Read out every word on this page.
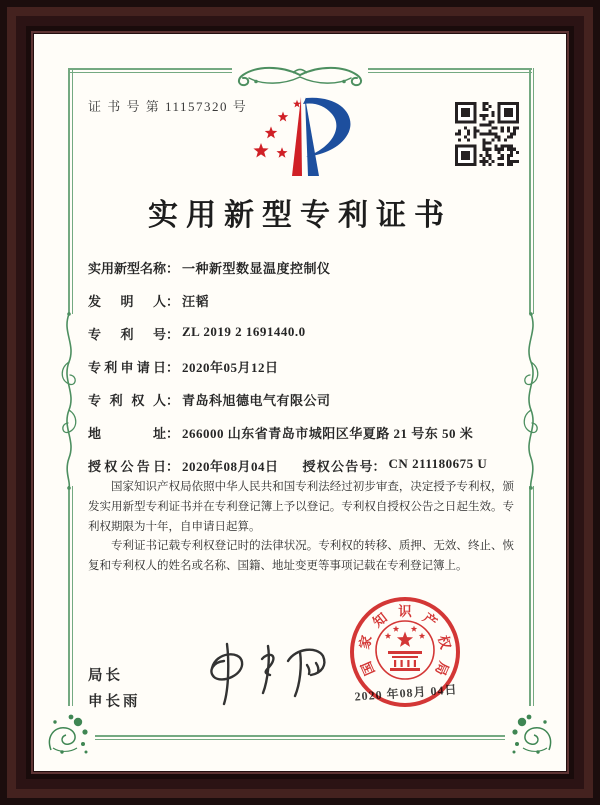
证 书 号 第 11157320 号
实用新型专利证书
实用新型名称 ： 一种新型数显温度控制仪
发明人 ： 汪韬
专利号 ： ZL 2019 2 1691440.0
专利申请日 ： 2020年05月12日
专利权人 ： 青岛科旭德电气有限公司
地址 ： 266000 山东省青岛市城阳区华夏路 21 号东 50 米
授权公告日 ： 2020年08月04日 授权公告号 ： CN 211180675 U

国家知识产权局依照中华人民共和国专利法经过初步审查，决定授予专利权，颁发实用新型专利证书并在专利登记簿上予以登记。专利权自授权公告之日起生效。专利权期限为十年，自申请日起算。

专利证书记载专利权登记时的法律状况。专利权的转移、质押、无效、终止、恢复和专利权人的姓名或名称、国籍、地址变更等事项记载在专利登记簿上。

局长
申长雨
国
家
知 识 产
权
局
2020 年08月 04日
